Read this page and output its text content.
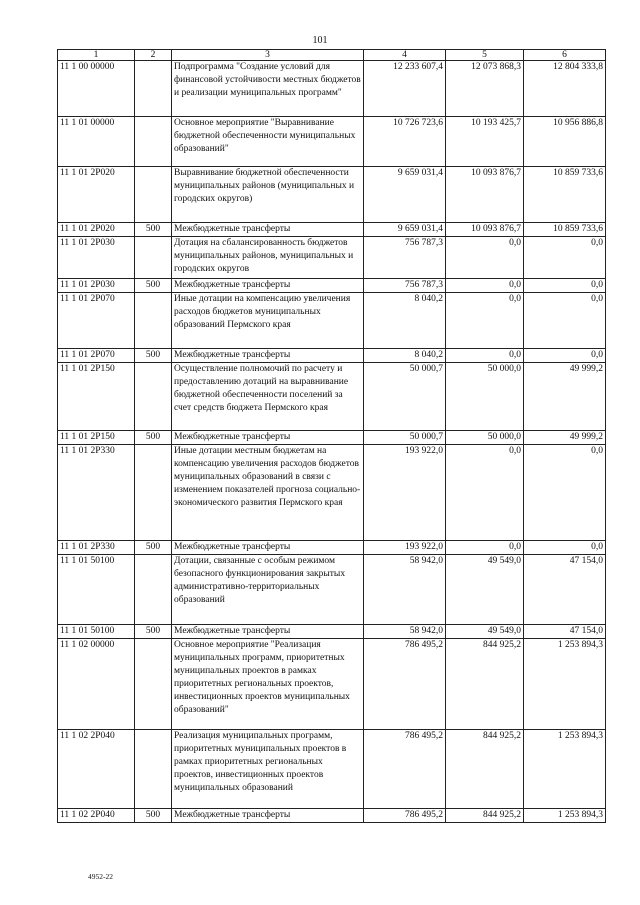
101
1	2	3	4	5	6
11 1 00 00000		Подпрограмма "Создание условий для финансовой устойчивости местных бюджетов и реализации муниципальных программ"	12 233 607,4	12 073 868,3	12 804 333,8
11 1 01 00000		Основное мероприятие "Выравнивание бюджетной обеспеченности муниципальных образований"	10 726 723,6	10 193 425,7	10 956 886,8
11 1 01 2Р020		Выравнивание бюджетной обеспеченности муниципальных районов (муниципальных и городских округов)	9 659 031,4	10 093 876,7	10 859 733,6
11 1 01 2Р020	500	Межбюджетные трансферты	9 659 031,4	10 093 876,7	10 859 733,6
11 1 01 2Р030		Дотация на сбалансированность бюджетов муниципальных районов, муниципальных и городских округов	756 787,3	0,0	0,0
11 1 01 2Р030	500	Межбюджетные трансферты	756 787,3	0,0	0,0
11 1 01 2Р070		Иные дотации на компенсацию увеличения расходов бюджетов муниципальных образований Пермского края	8 040,2	0,0	0,0
11 1 01 2Р070	500	Межбюджетные трансферты	8 040,2	0,0	0,0
11 1 01 2Р150		Осуществление полномочий по расчету и предоставлению дотаций на выравнивание бюджетной обеспеченности поселений за счет средств бюджета Пермского края	50 000,7	50 000,0	49 999,2
11 1 01 2Р150	500	Межбюджетные трансферты	50 000,7	50 000,0	49 999,2
11 1 01 2Р330		Иные дотации местным бюджетам на компенсацию увеличения расходов бюджетов муниципальных образований в связи с изменением показателей прогноза социально-экономического развития Пермского края	193 922,0	0,0	0,0
11 1 01 2Р330	500	Межбюджетные трансферты	193 922,0	0,0	0,0
11 1 01 50100		Дотации, связанные с особым режимом безопасного функционирования закрытых административно-территориальных образований	58 942,0	49 549,0	47 154,0
11 1 01 50100	500	Межбюджетные трансферты	58 942,0	49 549,0	47 154,0
11 1 02 00000		Основное мероприятие "Реализация муниципальных программ, приоритетных муниципальных проектов в рамках приоритетных региональных проектов, инвестиционных проектов муниципальных образований"	786 495,2	844 925,2	1 253 894,3
11 1 02 2Р040		Реализация муниципальных программ, приоритетных муниципальных проектов в рамках приоритетных региональных проектов, инвестиционных проектов муниципальных образований	786 495,2	844 925,2	1 253 894,3
11 1 02 2Р040	500	Межбюджетные трансферты	786 495,2	844 925,2	1 253 894,3
4952-22
